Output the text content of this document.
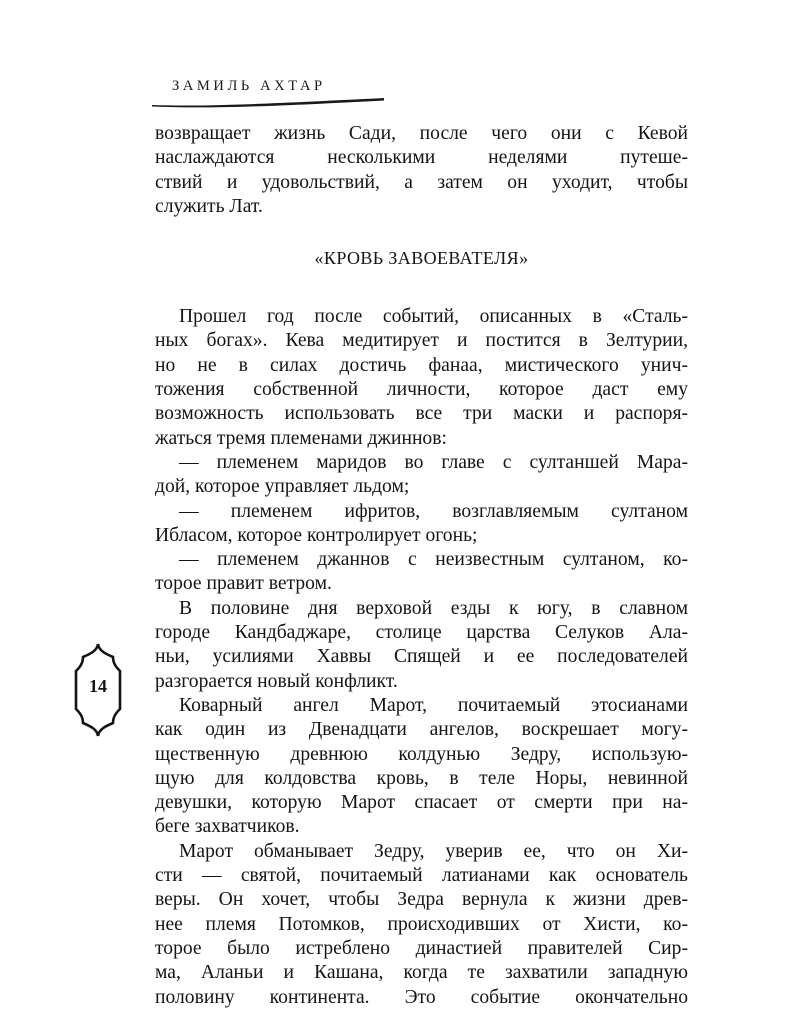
ЗАМИЛЬ АХТАР
возвращает жизнь Сади, после чего они с Кевой
наслаждаются несколькими неделями путеше-
ствий и удовольствий, а затем он уходит, чтобы
служить Лат.
«КРОВЬ ЗАВОЕВАТЕЛЯ»
Прошел год после событий, описанных в «Сталь-
ных богах». Кева медитирует и постится в Зелтурии,
но не в силах достичь фанаа, мистического унич-
тожения собственной личности, которое даст ему
возможность использовать все три маски и распоря-
жаться тремя племенами джиннов:
— племенем маридов во главе с султаншей Мара-
дой, которое управляет льдом;
— племенем ифритов, возглавляемым султаном
Ибласом, которое контролирует огонь;
— племенем джаннов с неизвестным султаном, ко-
торое правит ветром.
В половине дня верховой езды к югу, в славном
городе Кандбаджаре, столице царства Селуков Ала-
ньи, усилиями Хаввы Спящей и ее последователей
разгорается новый конфликт.
Коварный ангел Марот, почитаемый этосианами
как один из Двенадцати ангелов, воскрешает могу-
щественную древнюю колдунью Зедру, использую-
щую для колдовства кровь, в теле Норы, невинной
девушки, которую Марот спасает от смерти при на-
беге захватчиков.
Марот обманывает Зедру, уверив ее, что он Хи-
сти — святой, почитаемый латианами как основатель
веры. Он хочет, чтобы Зедра вернула к жизни древ-
нее племя Потомков, происходивших от Хисти, ко-
торое было истреблено династией правителей Сир-
ма, Аланьи и Кашана, когда те захватили западную
половину континента. Это событие окончательно
14
